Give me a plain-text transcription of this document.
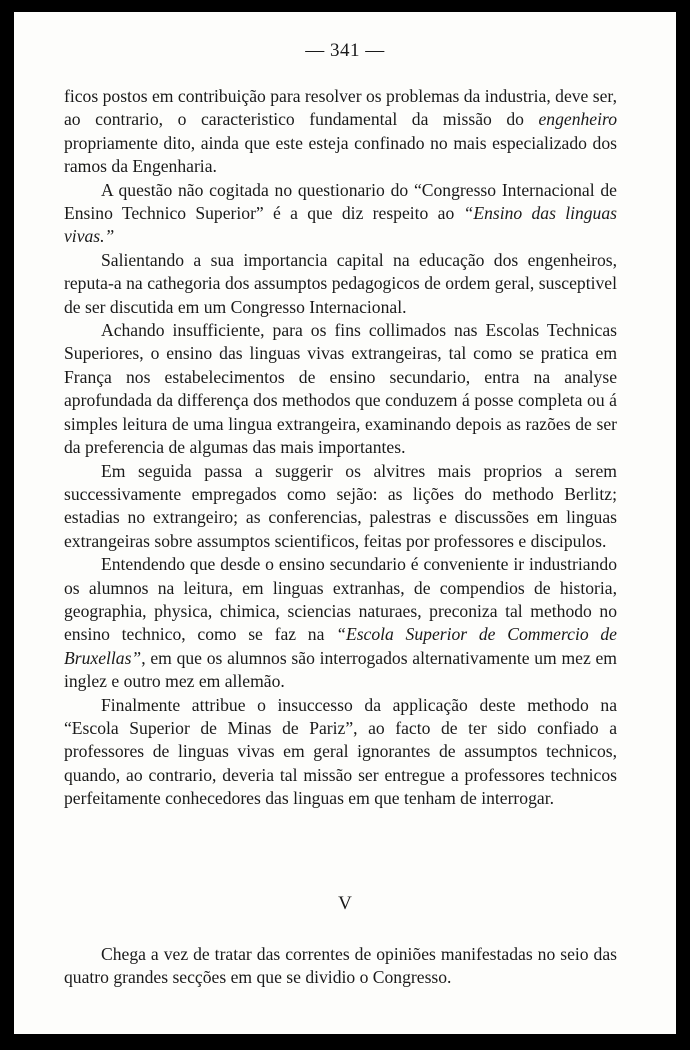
— 341 —

ficos postos em contribuição para resolver os problemas da industria, deve ser, ao contrario, o caracteristico fundamental da missão do engenheiro propriamente dito, ainda que este esteja confinado no mais especializado dos ramos da Engenharia.

A questão não cogitada no questionario do “Congresso Internacional de Ensino Technico Superior” é a que diz respeito ao “Ensino das linguas vivas.”

Salientando a sua importancia capital na educação dos engenheiros, reputa-a na cathegoria dos assumptos pedagogicos de ordem geral, susceptivel de ser discutida em um Congresso Internacional.

Achando insufficiente, para os fins collimados nas Escolas Technicas Superiores, o ensino das linguas vivas extrangeiras, tal como se pratica em França nos estabelecimentos de ensino secundario, entra na analyse aprofundada da differença dos methodos que conduzem á posse completa ou á simples leitura de uma lingua extrangeira, examinando depois as razões de ser da preferencia de algumas das mais importantes.

Em seguida passa a suggerir os alvitres mais proprios a serem successivamente empregados como sejão: as lições do methodo Berlitz; estadias no extrangeiro; as conferencias, palestras e discussões em linguas extrangeiras sobre assumptos scientificos, feitas por professores e discipulos.

Entendendo que desde o ensino secundario é conveniente ir industriando os alumnos na leitura, em linguas extranhas, de compendios de historia, geographia, physica, chimica, sciencias naturaes, preconiza tal methodo no ensino technico, como se faz na “Escola Superior de Commercio de Bruxellas”, em que os alumnos são interrogados alternativamente um mez em inglez e outro mez em allemão.

Finalmente attribue o insuccesso da applicação deste methodo na “Escola Superior de Minas de Pariz”, ao facto de ter sido confiado a professores de linguas vivas em geral ignorantes de assumptos technicos, quando, ao contrario, deveria tal missão ser entregue a professores technicos perfeitamente conhecedores das linguas em que tenham de interrogar.

V

Chega a vez de tratar das correntes de opiniões manifestadas no seio das quatro grandes secções em que se dividio o Congresso.
